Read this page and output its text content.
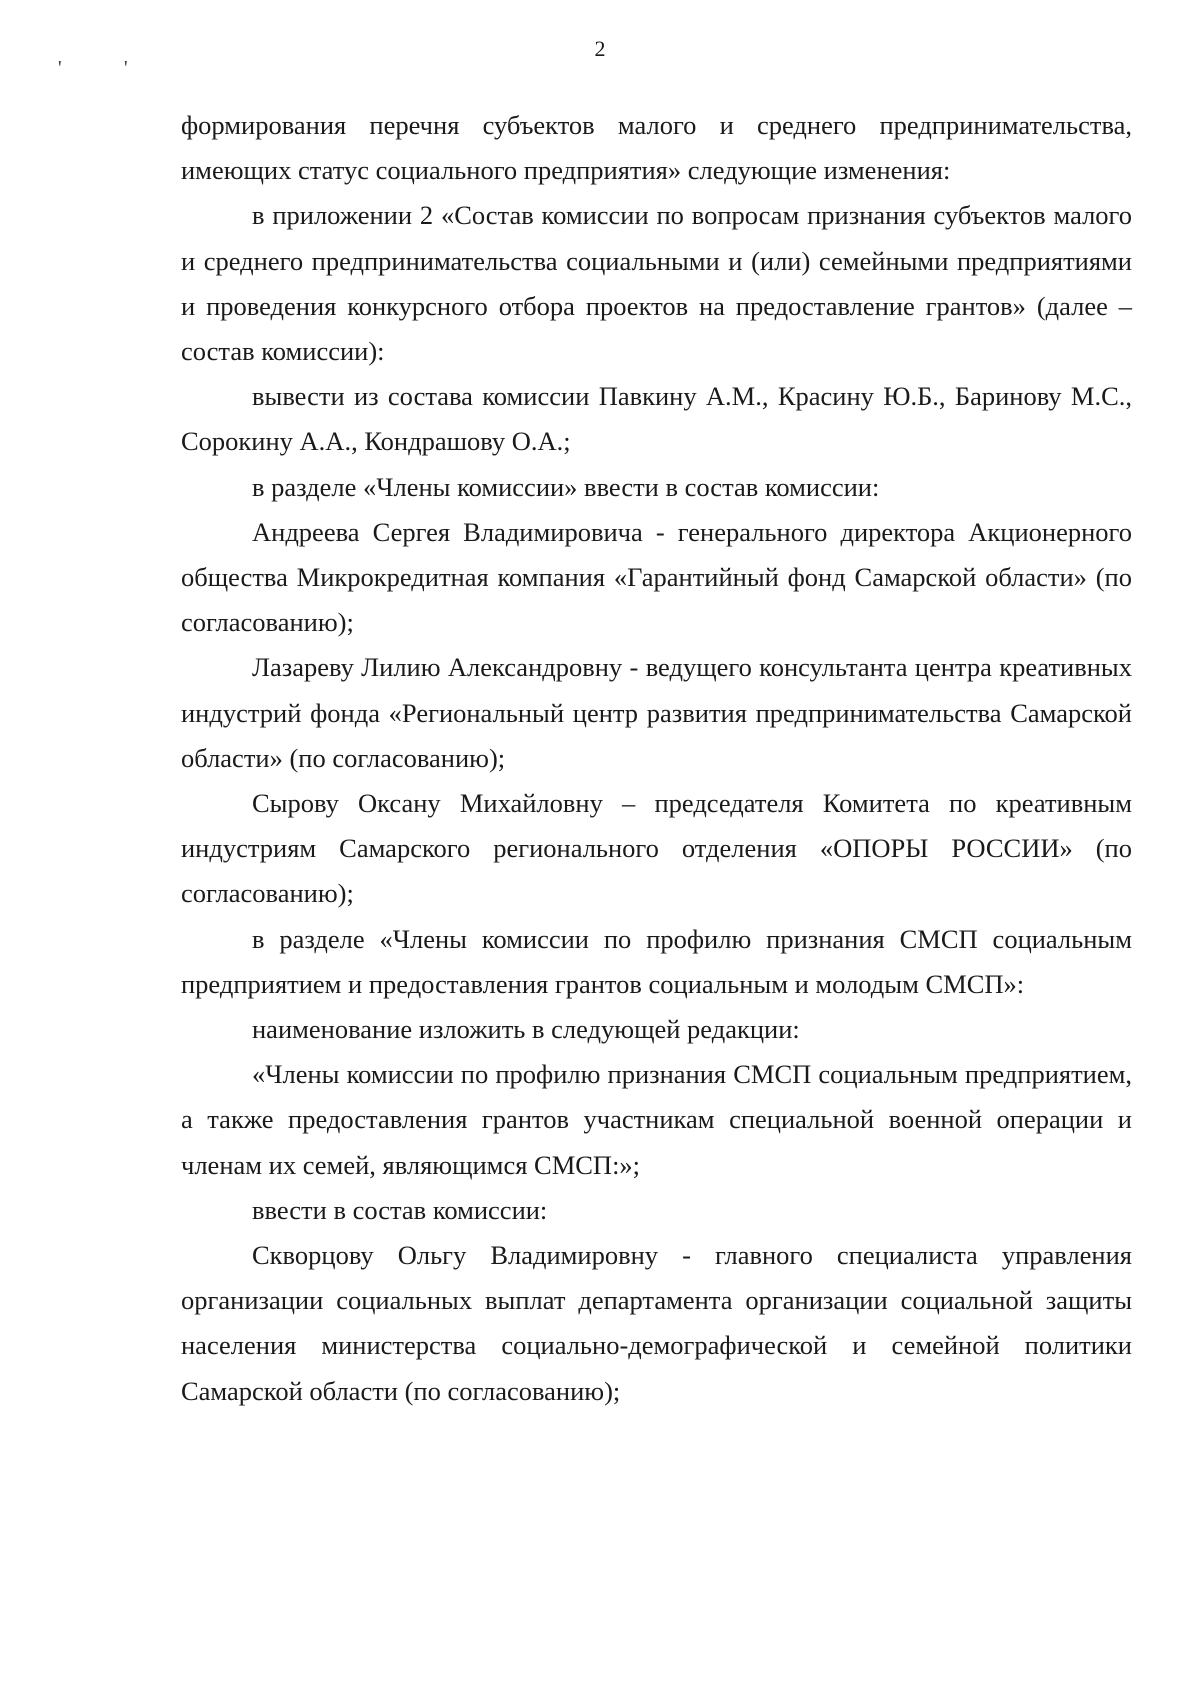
2
'	'

формирования перечня субъектов малого и среднего предпринимательства, имеющих статус социального предприятия» следующие изменения:

в приложении 2 «Состав комиссии по вопросам признания субъектов малого и среднего предпринимательства социальными и (или) семейными предприятиями и проведения конкурсного отбора проектов на предоставление грантов» (далее – состав комиссии):

вывести из состава комиссии Павкину А.М., Красину Ю.Б., Баринову М.С., Сорокину А.А., Кондрашову О.А.;

в разделе «Члены комиссии» ввести в состав комиссии:

Андреева Сергея Владимировича - генерального директора Акционерного общества Микрокредитная компания «Гарантийный фонд Самарской области» (по согласованию);

Лазареву Лилию Александровну - ведущего консультанта центра креативных индустрий фонда «Региональный центр развития предпринимательства Самарской области» (по согласованию);

Сырову Оксану Михайловну – председателя Комитета по креативным индустриям Самарского регионального отделения «ОПОРЫ РОССИИ» (по согласованию);

в разделе «Члены комиссии по профилю признания СМСП социальным предприятием и предоставления грантов социальным и молодым СМСП»:

наименование изложить в следующей редакции:

«Члены комиссии по профилю признания СМСП социальным предприятием, а также предоставления грантов участникам специальной военной операции и членам их семей, являющимся СМСП:»;

ввести в состав комиссии:

Скворцову Ольгу Владимировну - главного специалиста управления организации социальных выплат департамента организации социальной защиты населения министерства социально-демографической и семейной политики Самарской области (по согласованию);
